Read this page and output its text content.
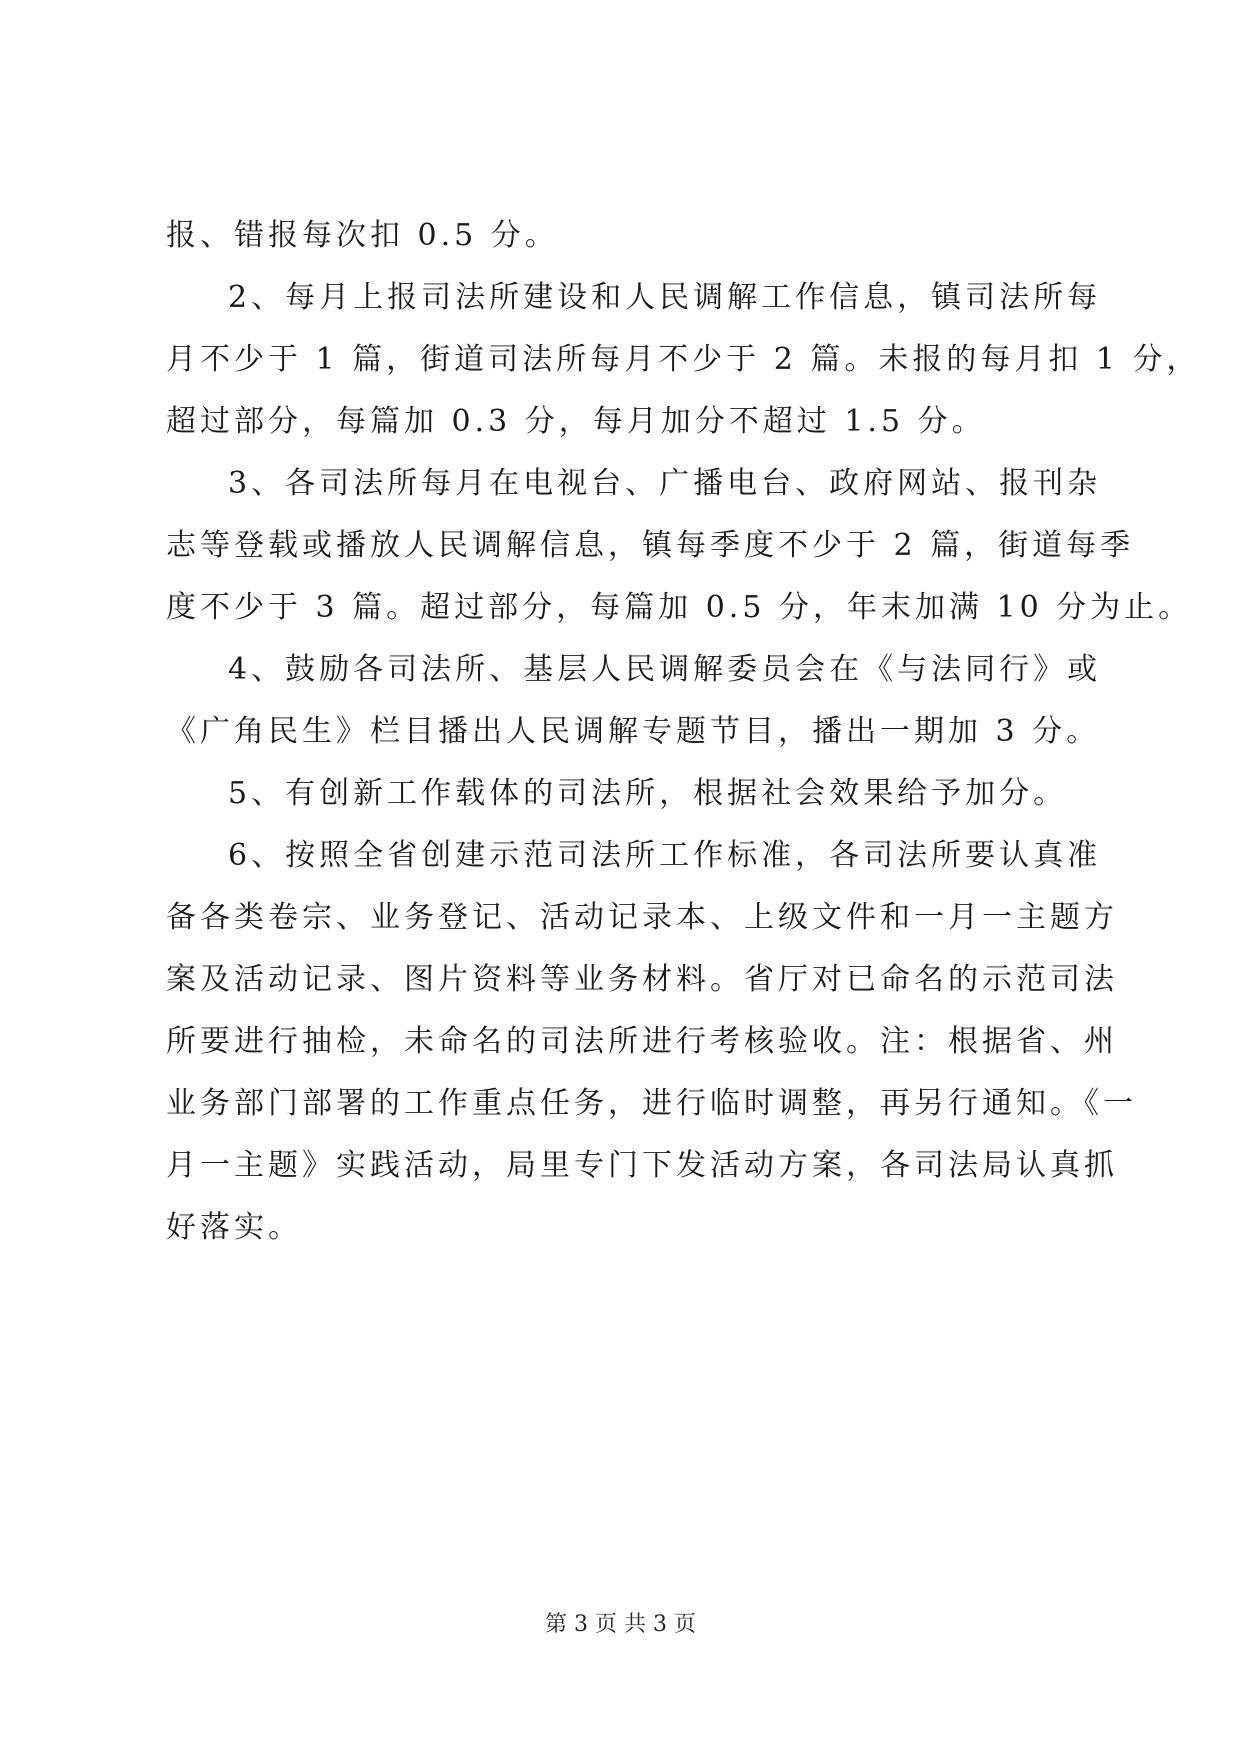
报、错报每次扣 0.5 分。
2、每月上报司法所建设和人民调解工作信息，镇司法所每
月不少于 1 篇，街道司法所每月不少于 2 篇。未报的每月扣 1 分，
超过部分，每篇加 0.3 分，每月加分不超过 1.5 分。
3、各司法所每月在电视台、广播电台、政府网站、报刊杂
志等登载或播放人民调解信息，镇每季度不少于 2 篇，街道每季
度不少于 3 篇。超过部分，每篇加 0.5 分，年末加满 10 分为止。
4、鼓励各司法所、基层人民调解委员会在《与法同行》或
《广角民生》栏目播出人民调解专题节目，播出一期加 3 分。
5、有创新工作载体的司法所，根据社会效果给予加分。
6、按照全省创建示范司法所工作标准，各司法所要认真准
备各类卷宗、业务登记、活动记录本、上级文件和一月一主题方
案及活动记录、图片资料等业务材料。省厅对已命名的示范司法
所要进行抽检，未命名的司法所进行考核验收。注：根据省、州
业务部门部署的工作重点任务，进行临时调整，再另行通知。《一
月一主题》实践活动，局里专门下发活动方案，各司法局认真抓
好落实。
第 3 页 共 3 页
